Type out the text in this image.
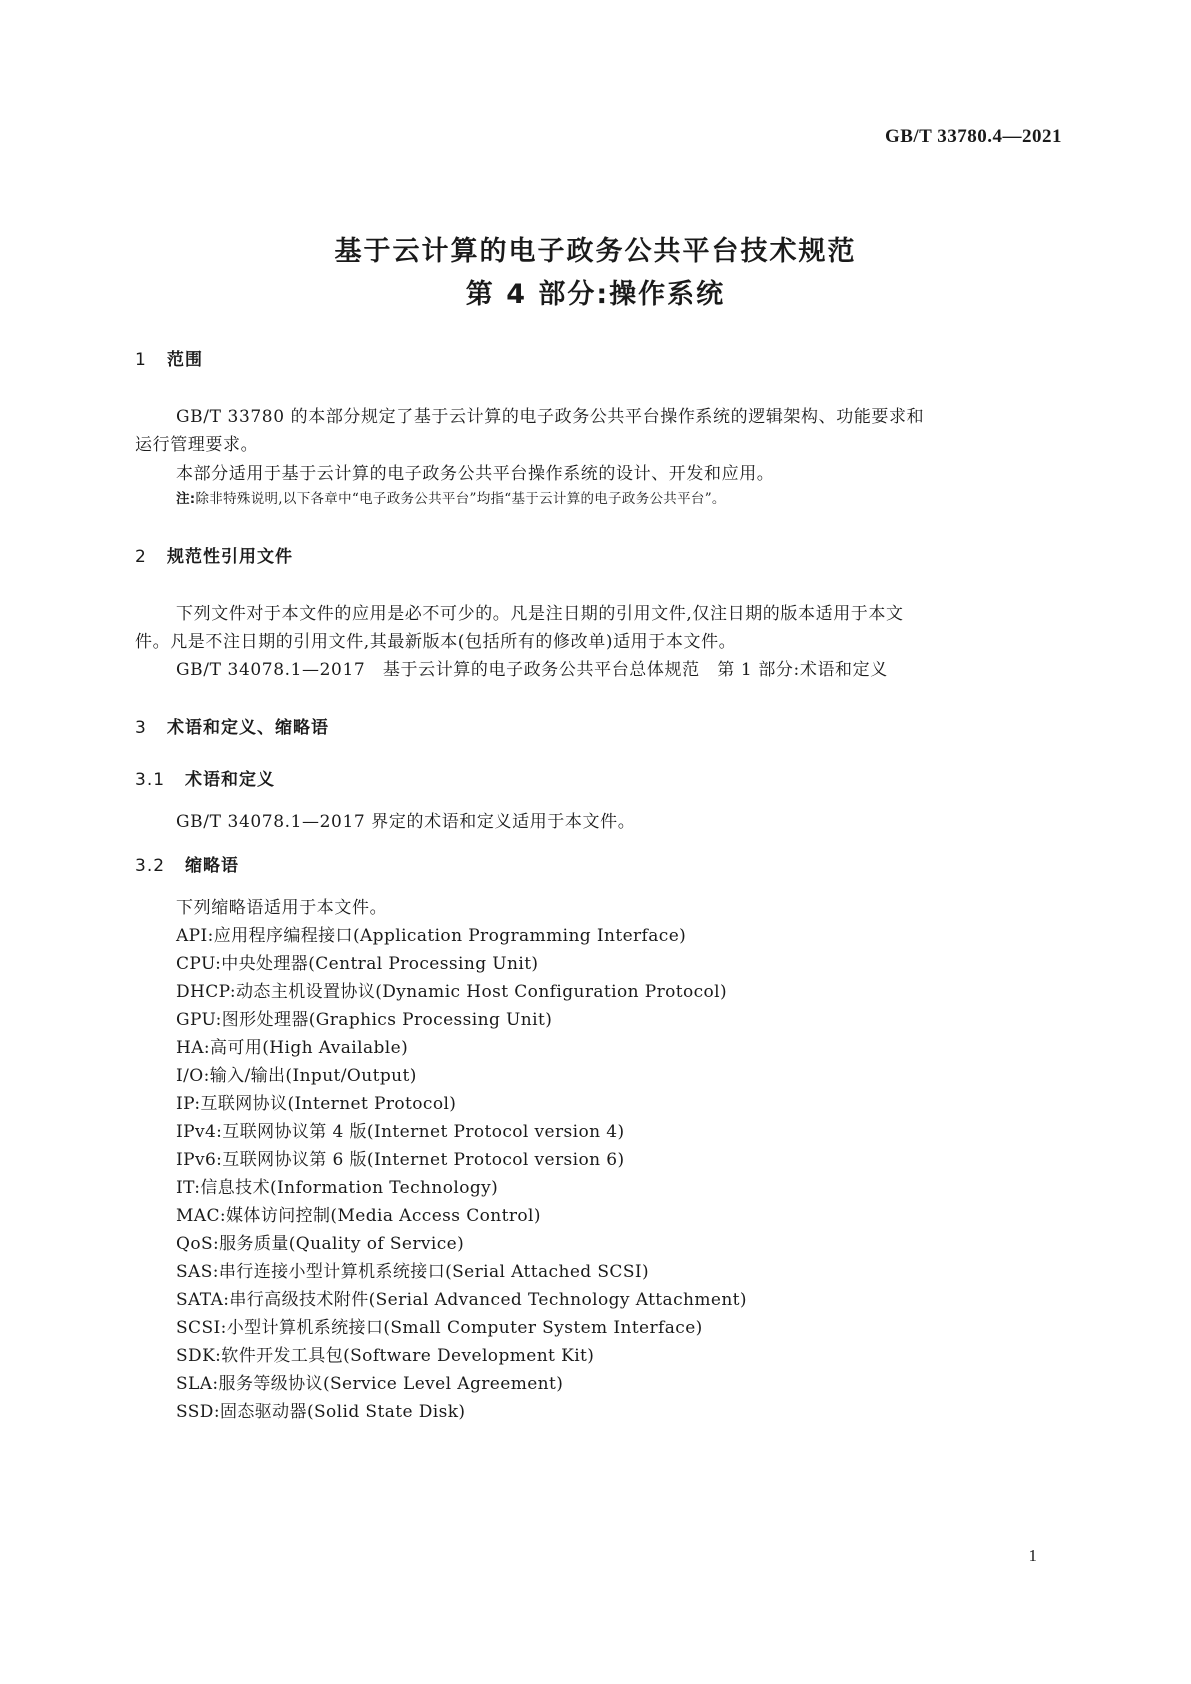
GB/T 33780.4—2021
基于云计算的电子政务公共平台技术规范
第 4 部分:操作系统
1 范围
GB/T 33780 的本部分规定了基于云计算的电子政务公共平台操作系统的逻辑架构、功能要求和
运行管理要求。
本部分适用于基于云计算的电子政务公共平台操作系统的设计、开发和应用。
注:除非特殊说明,以下各章中“电子政务公共平台”均指“基于云计算的电子政务公共平台”。
2 规范性引用文件
下列文件对于本文件的应用是必不可少的。凡是注日期的引用文件,仅注日期的版本适用于本文
件。凡是不注日期的引用文件,其最新版本(包括所有的修改单)适用于本文件。
GB/T 34078.1—2017　基于云计算的电子政务公共平台总体规范　第 1 部分:术语和定义
3 术语和定义、缩略语
3.1 术语和定义
GB/T 34078.1—2017 界定的术语和定义适用于本文件。
3.2 缩略语
下列缩略语适用于本文件。
API:应用程序编程接口(Application Programming Interface)
CPU:中央处理器(Central Processing Unit)
DHCP:动态主机设置协议(Dynamic Host Configuration Protocol)
GPU:图形处理器(Graphics Processing Unit)
HA:高可用(High Available)
I/O:输入/输出(Input/Output)
IP:互联网协议(Internet Protocol)
IPv4:互联网协议第 4 版(Internet Protocol version 4)
IPv6:互联网协议第 6 版(Internet Protocol version 6)
IT:信息技术(Information Technology)
MAC:媒体访问控制(Media Access Control)
QoS:服务质量(Quality of Service)
SAS:串行连接小型计算机系统接口(Serial Attached SCSI)
SATA:串行高级技术附件(Serial Advanced Technology Attachment)
SCSI:小型计算机系统接口(Small Computer System Interface)
SDK:软件开发工具包(Software Development Kit)
SLA:服务等级协议(Service Level Agreement)
SSD:固态驱动器(Solid State Disk)
1
